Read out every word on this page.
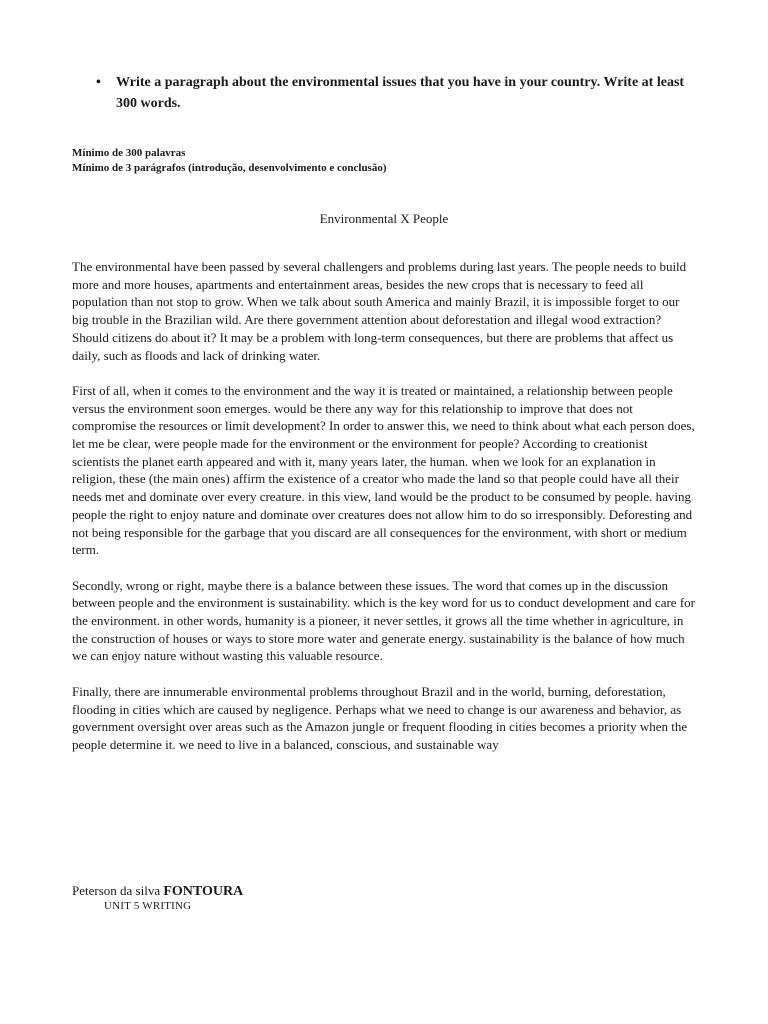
•	Write a paragraph about the environmental issues that you have in your country. Write at least 300 words.
Mínimo de 300 palavras
Mínimo de 3 parágrafos (introdução, desenvolvimento e conclusão)
Environmental X People

The environmental have been passed by several challengers and problems during last years. The people needs to build more and more houses, apartments and entertainment areas, besides the new crops that is necessary to feed all population than not stop to grow. When we talk about south America and mainly Brazil, it is impossible forget to our big trouble in the Brazilian wild. Are there government attention about deforestation and illegal wood extraction? Should citizens do about it? It may be a problem with long-term consequences, but there are problems that affect us daily, such as floods and lack of drinking water.

First of all, when it comes to the environment and the way it is treated or maintained, a relationship between people versus the environment soon emerges. would be there any way for this relationship to improve that does not compromise the resources or limit development? In order to answer this, we need to think about what each person does, let me be clear, were people made for the environment or the environment for people? According to creationist scientists the planet earth appeared and with it, many years later, the human. when we look for an explanation in religion, these (the main ones) affirm the existence of a creator who made the land so that people could have all their needs met and dominate over every creature. in this view, land would be the product to be consumed by people. having people the right to enjoy nature and dominate over creatures does not allow him to do so irresponsibly. Deforesting and not being responsible for the garbage that you discard are all consequences for the environment, with short or medium term.

Secondly, wrong or right, maybe there is a balance between these issues. The word that comes up in the discussion between people and the environment is sustainability. which is the key word for us to conduct development and care for the environment. in other words, humanity is a pioneer, it never settles, it grows all the time whether in agriculture, in the construction of houses or ways to store more water and generate energy. sustainability is the balance of how much we can enjoy nature without wasting this valuable resource.

Finally, there are innumerable environmental problems throughout Brazil and in the world, burning, deforestation, flooding in cities which are caused by negligence. Perhaps what we need to change is our awareness and behavior, as government oversight over areas such as the Amazon jungle or frequent flooding in cities becomes a priority when the people determine it. we need to live in a balanced, conscious, and sustainable way

Peterson da silva FONTOURA
UNIT 5 WRITING
